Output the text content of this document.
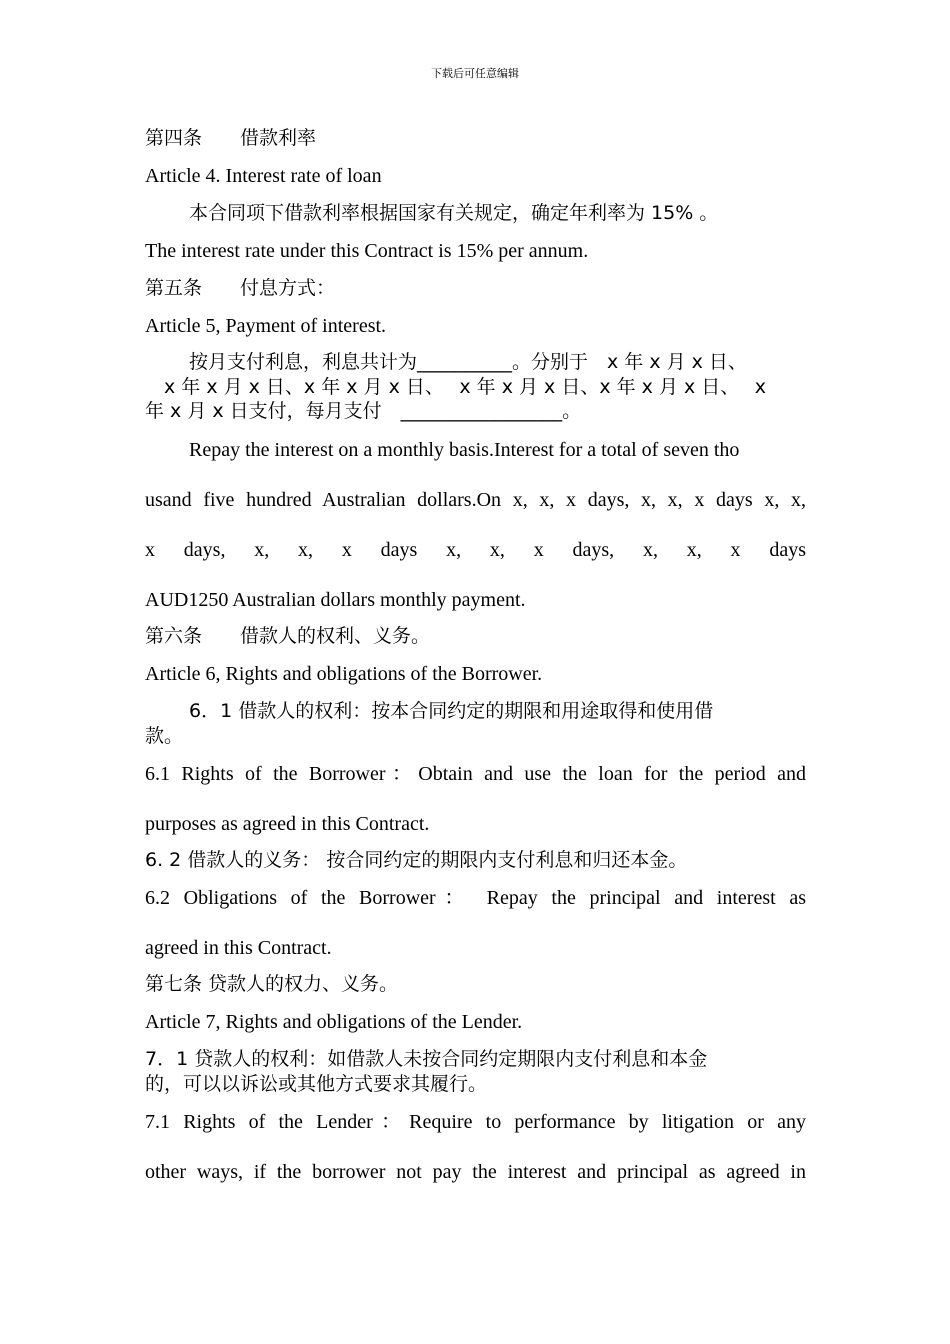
下载后可任意编辑
第四条　　借款利率
Article 4. Interest rate of loan
本合同项下借款利率根据国家有关规定，确定年利率为 15% 。
The interest rate under this Contract is 15% per annum.
第五条　　付息方式：
Article 5, Payment of interest.
按月支付利息，利息共计为__________。分别于　x 年 x 月 x 日、
　x 年 x 月 x 日、x 年 x 月 x 日、　 x 年 x 月 x 日、x 年 x 月 x 日、　 x
年 x 月 x 日支付，每月支付　_________________。
Repay the interest on a monthly basis.Interest for a total of seven tho
usand five hundred Australian dollars.On x, x, x days, x, x, x days x, x,
x days, x, x, x days x, x, x days, x, x, x days
AUD1250 Australian dollars monthly payment.
第六条　　借款人的权利、义务。
Article 6, Rights and obligations of the Borrower.
6．1 借款人的权利：按本合同约定的期限和用途取得和使用借
款。
6.1 Rights of the Borrower：Obtain and use the loan for the period and
purposes as agreed in this Contract.
6. 2 借款人的义务： 按合同约定的期限内支付利息和归还本金。
6.2 Obligations of the Borrower： Repay the principal and interest as
agreed in this Contract.
第七条 贷款人的权力、义务。
Article 7, Rights and obligations of the Lender.
7．1 贷款人的权利：如借款人未按合同约定期限内支付利息和本金
的，可以以诉讼或其他方式要求其履行。
7.1 Rights of the Lender：Require to performance by litigation or any
other ways, if the borrower not pay the interest and principal as agreed in
